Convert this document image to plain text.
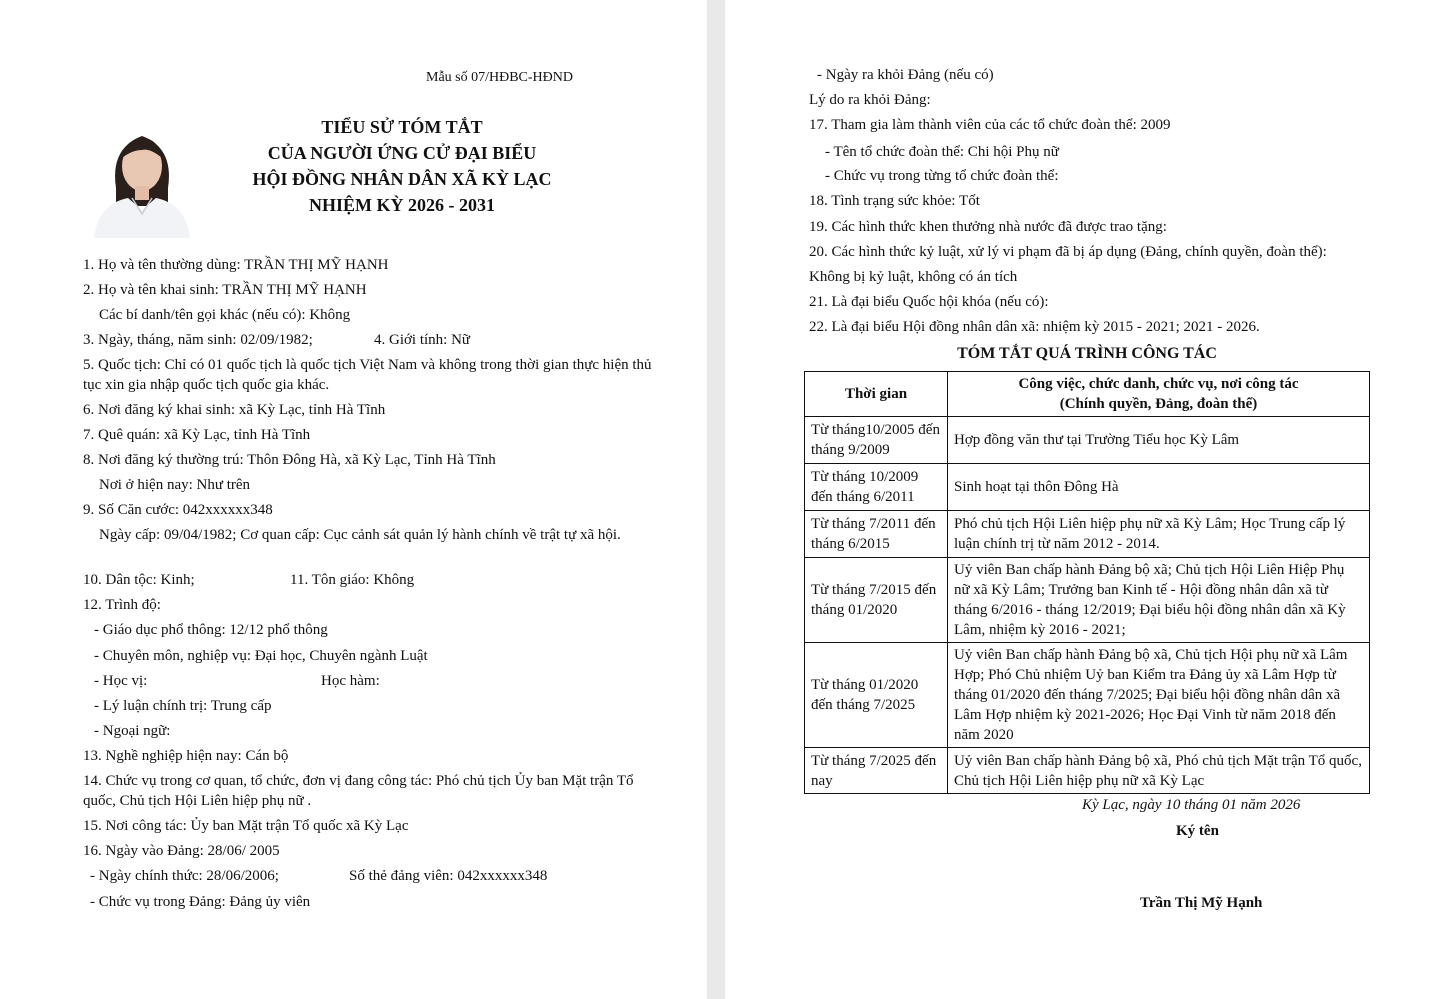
Mẫu số 07/HĐBC-HĐND
TIỂU SỬ TÓM TẮT
CỦA NGƯỜI ỨNG CỬ ĐẠI BIỂU
HỘI ĐỒNG NHÂN DÂN XÃ KỲ LẠC
NHIỆM KỲ 2026 - 2031
1. Họ và tên thường dùng: TRẦN THỊ MỸ HẠNH
2. Họ và tên khai sinh: TRẦN THỊ MỸ HẠNH
Các bí danh/tên gọi khác (nếu có): Không
3. Ngày, tháng, năm sinh: 02/09/1982;	4. Giới tính: Nữ
5. Quốc tịch: Chỉ có 01 quốc tịch là quốc tịch Việt Nam và không trong thời gian thực hiện thủ tục xin gia nhập quốc tịch quốc gia khác.
6. Nơi đăng ký khai sinh: xã Kỳ Lạc, tỉnh Hà Tĩnh
7. Quê quán: xã Kỳ Lạc, tỉnh Hà Tĩnh
8. Nơi đăng ký thường trú: Thôn Đông Hà, xã Kỳ Lạc, Tỉnh Hà Tĩnh
Nơi ở hiện nay: Như trên
9. Số Căn cước: 042xxxxxx348
Ngày cấp: 09/04/1982; Cơ quan cấp: Cục cảnh sát quản lý hành chính về trật tự xã hội.
10. Dân tộc: Kinh;	11. Tôn giáo: Không
12. Trình độ:
- Giáo dục phổ thông: 12/12 phổ thông
- Chuyên môn, nghiệp vụ: Đại học, Chuyên ngành Luật
- Học vị:	Học hàm:
- Lý luận chính trị: Trung cấp
- Ngoại ngữ:
13. Nghề nghiệp hiện nay: Cán bộ
14. Chức vụ trong cơ quan, tổ chức, đơn vị đang công tác: Phó chủ tịch Ủy ban Mặt trận Tổ quốc, Chủ tịch Hội Liên hiệp phụ nữ .
15. Nơi công tác: Ủy ban Mặt trận Tổ quốc xã Kỳ Lạc
16. Ngày vào Đảng: 28/06/ 2005
- Ngày chính thức: 28/06/2006;	Số thẻ đảng viên: 042xxxxxx348
- Chức vụ trong Đảng: Đảng ủy viên
- Ngày ra khỏi Đảng (nếu có)
Lý do ra khỏi Đảng:
17. Tham gia làm thành viên của các tổ chức đoàn thể: 2009
- Tên tổ chức đoàn thể: Chi hội Phụ nữ
- Chức vụ trong từng tổ chức đoàn thể:
18. Tình trạng sức khỏe: Tốt
19. Các hình thức khen thưởng nhà nước đã được trao tặng:
20. Các hình thức kỷ luật, xử lý vi phạm đã bị áp dụng (Đảng, chính quyền, đoàn thể):
Không bị kỷ luật, không có án tích
21. Là đại biểu Quốc hội khóa (nếu có):
22. Là đại biểu Hội đồng nhân dân xã: nhiệm kỳ 2015 - 2021; 2021 - 2026.
TÓM TẮT QUÁ TRÌNH CÔNG TÁC
Thời gian	Công việc, chức danh, chức vụ, nơi công tác
(Chính quyền, Đảng, đoàn thể)

Từ tháng10/2005 đến tháng 9/2009	Hợp đồng văn thư tại Trường Tiểu học Kỳ Lâm
Từ tháng 10/2009 đến tháng 6/2011	Sinh hoạt tại thôn Đông Hà
Từ tháng 7/2011 đến tháng 6/2015	Phó chủ tịch Hội Liên hiệp phụ nữ xã Kỳ Lâm; Học Trung cấp lý luận chính trị từ năm 2012 - 2014.
Từ tháng 7/2015 đến tháng 01/2020	Uỷ viên Ban chấp hành Đảng bộ xã; Chủ tịch Hội Liên Hiệp Phụ nữ xã Kỳ Lâm; Trưởng ban Kinh tế - Hội đồng nhân dân xã từ tháng 6/2016 - tháng 12/2019; Đại biểu hội đồng nhân dân xã Kỳ Lâm, nhiệm kỳ 2016 - 2021;
Từ tháng 01/2020 đến tháng 7/2025	Uỷ viên Ban chấp hành Đảng bộ xã, Chủ tịch Hội phụ nữ xã Lâm Hợp; Phó Chủ nhiệm Uỷ ban Kiểm tra Đảng ủy xã Lâm Hợp từ tháng 01/2020 đến tháng 7/2025; Đại biểu hội đồng nhân dân xã Lâm Hợp nhiệm kỳ 2021-2026; Học Đại Vinh từ năm 2018 đến năm 2020
Từ tháng 7/2025 đến nay	Uỷ viên Ban chấp hành Đảng bộ xã, Phó chủ tịch Mặt trận Tổ quốc, Chủ tịch Hội Liên hiệp phụ nữ xã Kỳ Lạc
Kỳ Lạc, ngày 10 tháng 01 năm 2026
Ký tên
Trần Thị Mỹ Hạnh
